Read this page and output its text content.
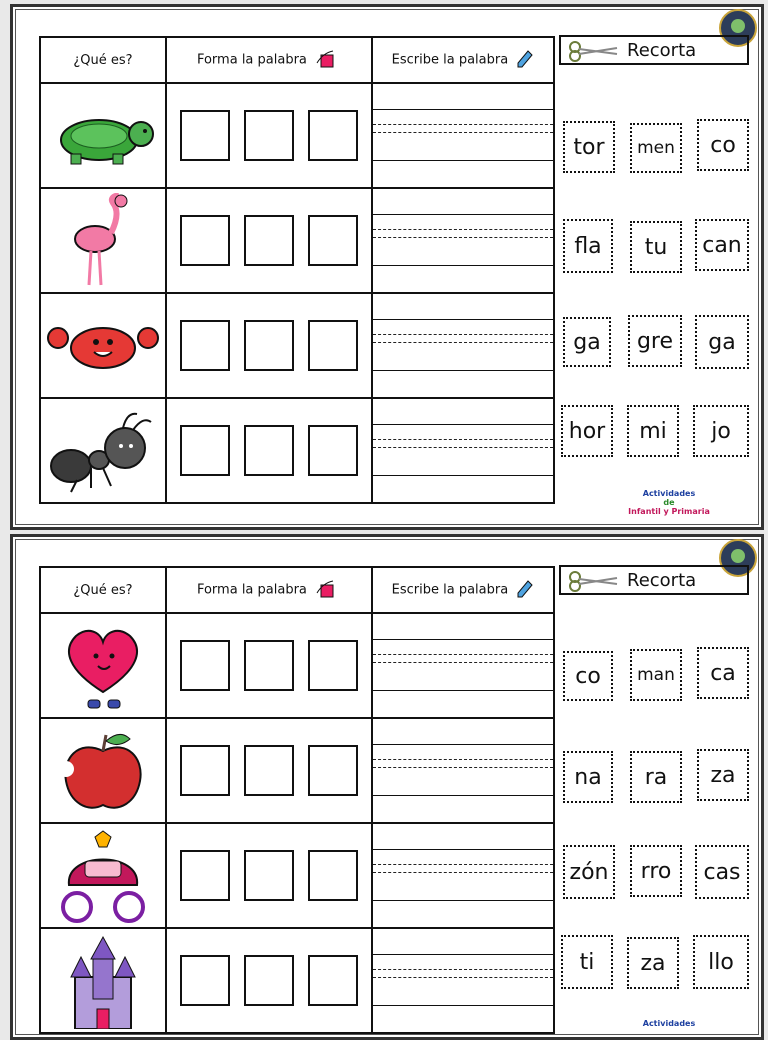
¿Qué es?	Forma la palabra	Escribe la palabra

		Recorta
tor	men	co
fla	tu	can
ga	gre	ga
hor	mi	jo
Actividades
de
Infantil y Primaria
¿Qué es?	Forma la palabra	Escribe la palabra

		Recorta
co	man	ca
na	ra	za
zón	rro	cas
ti	za	llo
Actividades
